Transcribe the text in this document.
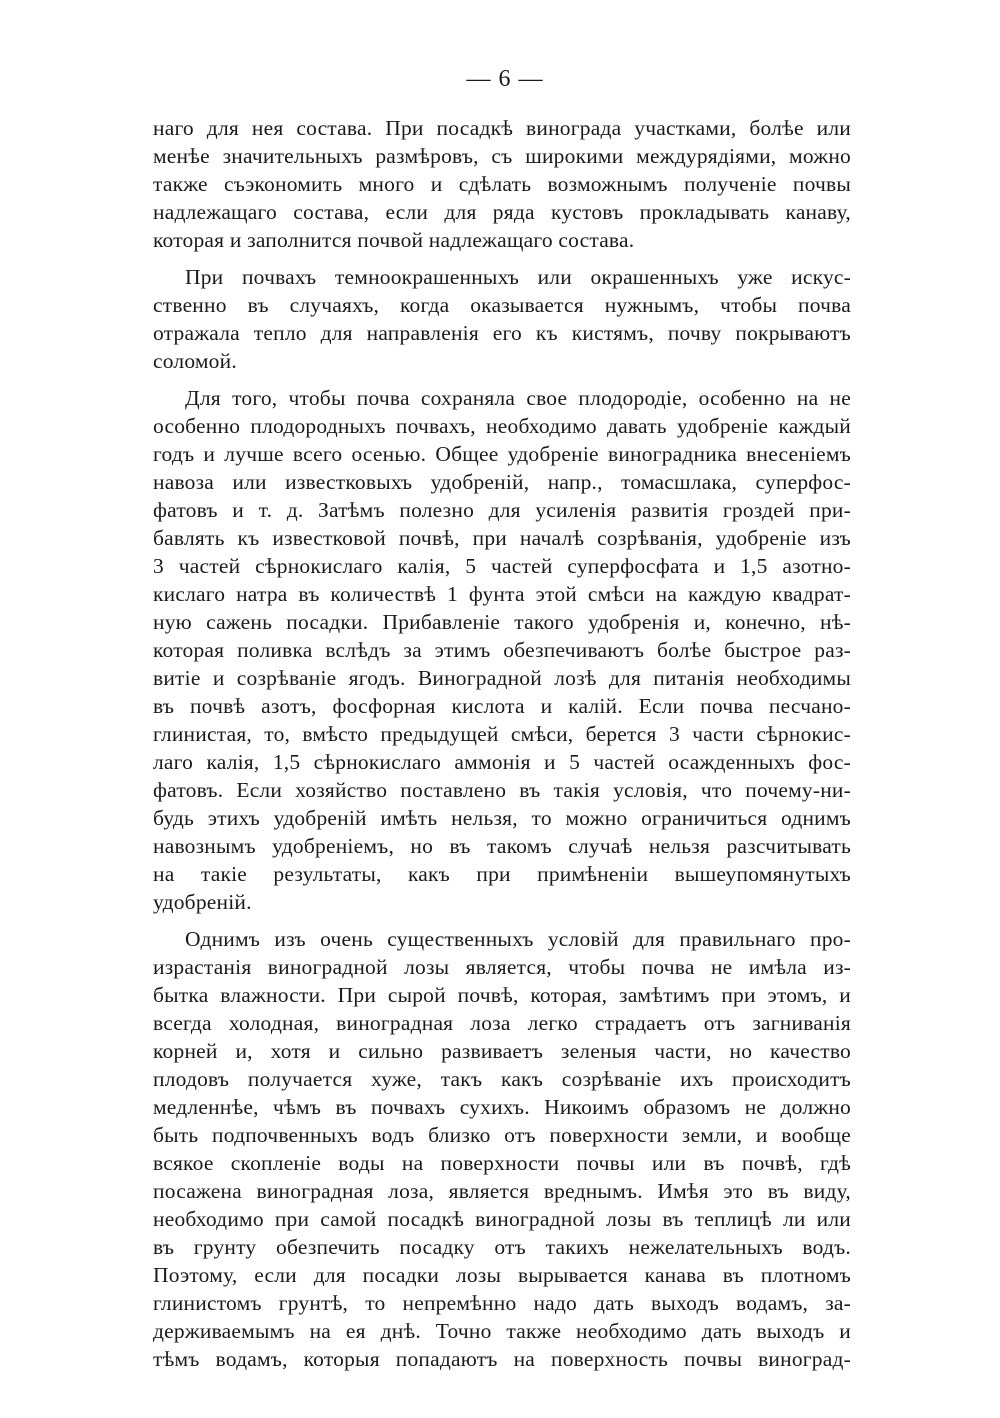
— 6 —
наго для нея состава. При посадкѣ винограда участками, болѣе или
менѣе значительныхъ размѣровъ, съ широкими междурядіями, можно
также съэкономить много и сдѣлать возможнымъ полученіе почвы
надлежащаго состава, если для ряда кустовъ прокладывать канаву,
которая и заполнится почвой надлежащаго состава.
При почвахъ темноокрашенныхъ или окрашенныхъ уже искус-
ственно въ случаяхъ, когда оказывается нужнымъ, чтобы почва
отражала тепло для направленія его къ кистямъ, почву покрываютъ
соломой.
Для того, чтобы почва сохраняла свое плодородіе, особенно на не
особенно плодородныхъ почвахъ, необходимо давать удобреніе каждый
годъ и лучше всего осенью. Общее удобреніе виноградника внесеніемъ
навоза или известковыхъ удобреній, напр., томасшлака, суперфос-
фатовъ и т. д. Затѣмъ полезно для усиленія развитія гроздей при-
бавлять къ известковой почвѣ, при началѣ созрѣванія, удобреніе изъ
3 частей сѣрнокислаго калія, 5 частей суперфосфата и 1,5 азотно-
кислаго натра въ количествѣ 1 фунта этой смѣси на каждую квадрат-
ную сажень посадки. Прибавленіе такого удобренія и, конечно, нѣ-
которая поливка вслѣдъ за этимъ обезпечиваютъ болѣе быстрое раз-
витіе и созрѣваніе ягодъ. Виноградной лозѣ для питанія необходимы
въ почвѣ азотъ, фосфорная кислота и калій. Если почва песчано-
глинистая, то, вмѣсто предыдущей смѣси, берется 3 части сѣрнокис-
лаго калія, 1,5 сѣрнокислаго аммонія и 5 частей осажденныхъ фос-
фатовъ. Если хозяйство поставлено въ такія условія, что почему-ни-
будь этихъ удобреній имѣть нельзя, то можно ограничиться однимъ
навознымъ удобреніемъ, но въ такомъ случаѣ нельзя разсчитывать
на такіе результаты, какъ при примѣненіи вышеупомянутыхъ
удобреній.
Однимъ изъ очень существенныхъ условій для правильнаго про-
израстанія виноградной лозы является, чтобы почва не имѣла из-
бытка влажности. При сырой почвѣ, которая, замѣтимъ при этомъ, и
всегда холодная, виноградная лоза легко страдаетъ отъ загниванія
корней и, хотя и сильно развиваетъ зеленыя части, но качество
плодовъ получается хуже, такъ какъ созрѣваніе ихъ происходитъ
медленнѣе, чѣмъ въ почвахъ сухихъ. Никоимъ образомъ не должно
быть подпочвенныхъ водъ близко отъ поверхности земли, и вообще
всякое скопленіе воды на поверхности почвы или въ почвѣ, гдѣ
посажена виноградная лоза, является вреднымъ. Имѣя это въ виду,
необходимо при самой посадкѣ виноградной лозы въ теплицѣ ли или
въ грунту обезпечить посадку отъ такихъ нежелательныхъ водъ.
Поэтому, если для посадки лозы вырывается канава въ плотномъ
глинистомъ грунтѣ, то непремѣнно надо дать выходъ водамъ, за-
держиваемымъ на ея днѣ. Точно также необходимо дать выходъ и
тѣмъ водамъ, которыя попадаютъ на поверхность почвы виноград-
